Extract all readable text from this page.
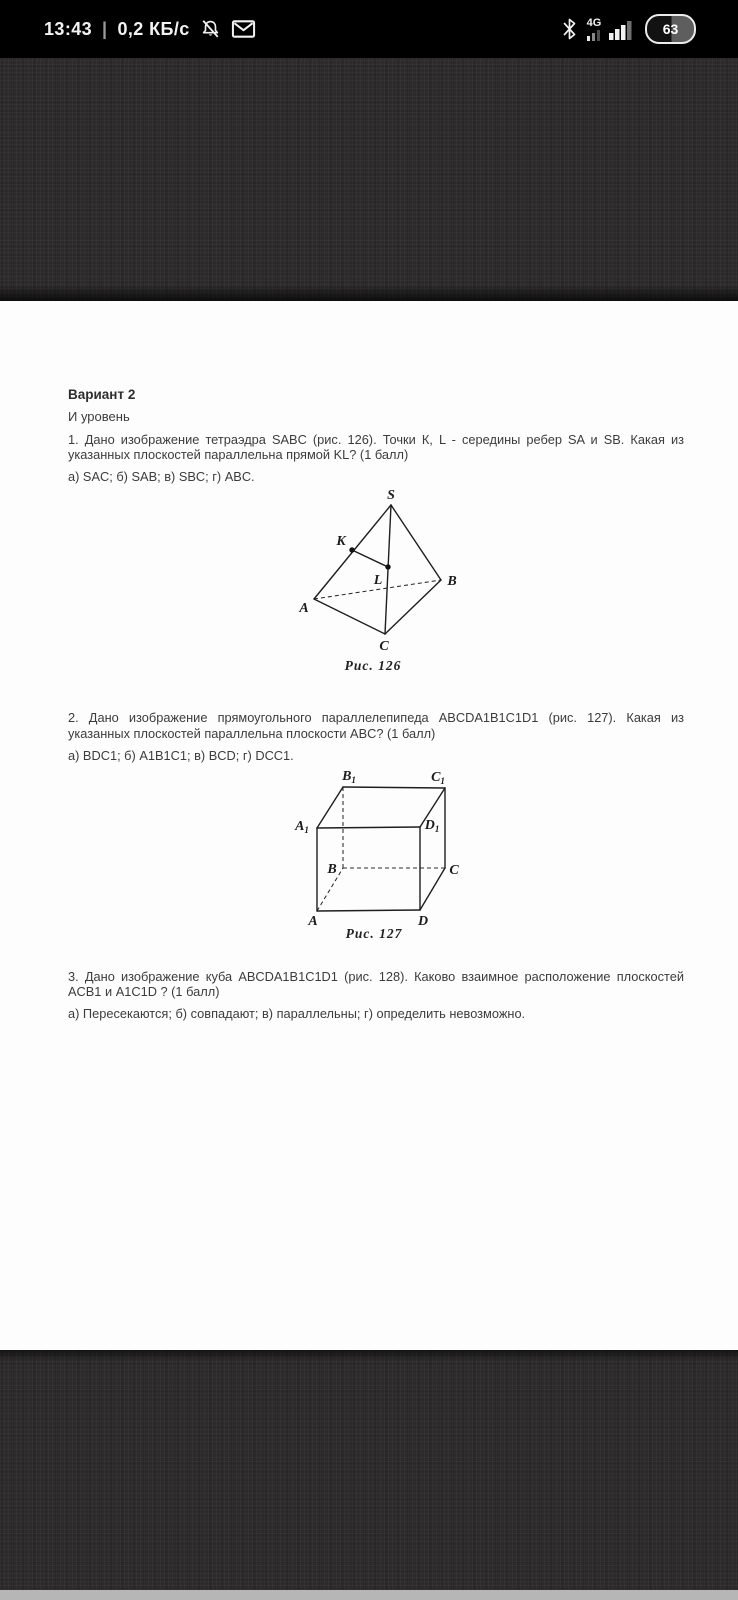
13:43 | 0,2 КБ/с	4G	63
Вариант 2
И уровень
1. Дано изображение тетраэдра SABC (рис. 126). Точки К, L - середины ребер SA и SB. Какая из
указанных плоскостей параллельна прямой KL? (1 балл)
а) SAC; б) SAB; в) SBC; г) ABC.
S
K
L
A
B
C
Рис. 126
2. Дано изображение прямоугольного параллелепипеда ABCDA1B1C1D1 (рис. 127). Какая из
указанных плоскостей параллельна плоскости ABC? (1 балл)
а) BDC1; б) A1B1C1; в) BCD; г) DCC1.
$B_1$	$C_1$
$A_1$	$D_1$
B	C
A	D
Рис. 127
3. Дано изображение куба ABCDA1B1C1D1 (рис. 128). Каково взаимное расположение плоскостей
ACB1 и A1C1D ? (1 балл)
а) Пересекаются; б) совпадают; в) параллельны; г) определить невозможно.
